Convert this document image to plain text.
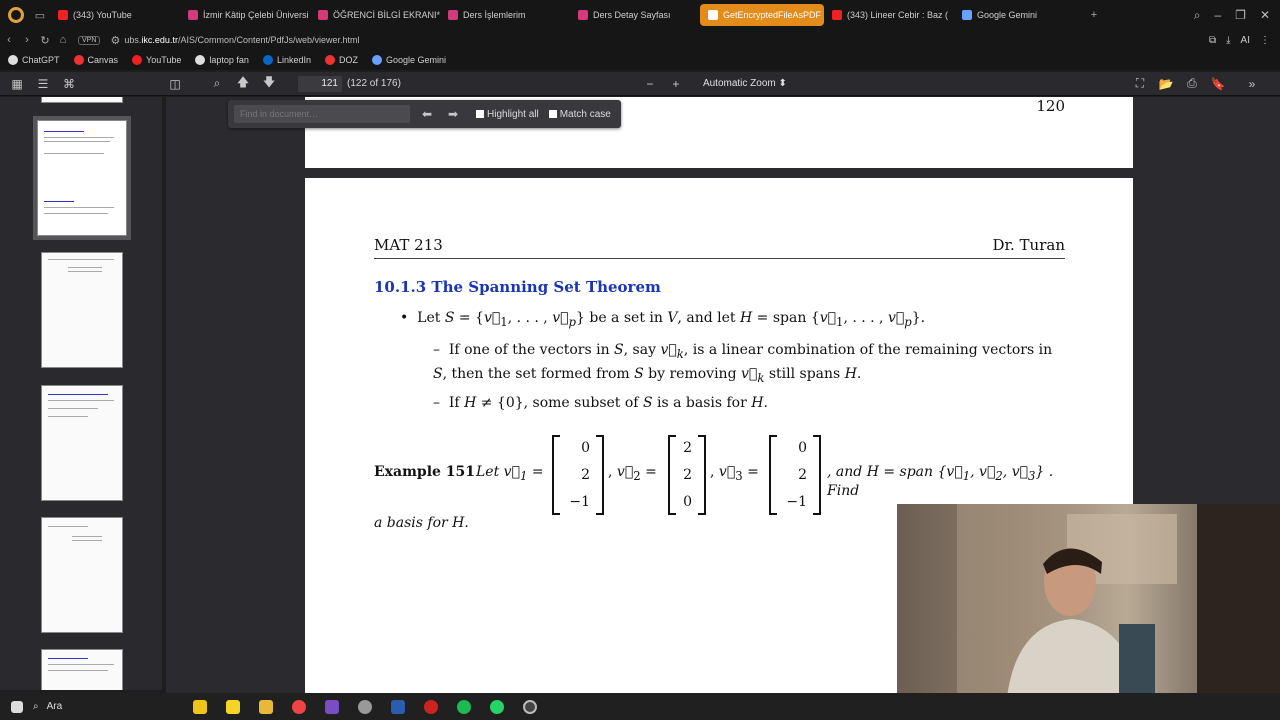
▭	(343) YouTube	İzmir Kâtip Çelebi Üniversi	ÖĞRENCİ BİLGİ EKRANI*	Ders İşlemlerim	Ders Detay Sayfası	GetEncryptedFileAsPDF	(343) Lineer Cebir : Baz (	Google Gemini	+	⌕ – ❐ ✕
‹	›	↻ ⌂	VPN	⚙ ubs.ikc.edu.tr/AIS/Common/Content/PdfJs/web/viewer.html	⧉ ⤓ AI ⋮
ChatGPT	Canvas	YouTube	laptop fan	LinkedIn	DOZ	Google Gemini
▦	☰	⌘	◫	⌕	🡅	🡇	121 (122 of 176)	−	+	Automatic Zoom ⬍	⛶	📂	⎙	🔖	»
Find in document…	⬅	➡	Highlight all Match case	120
MAT 213	Dr. Turan
10.1.3 The Spanning Set Theorem
•  Let $S = \{v⃗_1$, . . . , $v⃗_p$} be a set in V, and let H = span {$v⃗_1$, . . . , $v⃗_p$}.
–  If one of the vectors in S, say $v⃗_k$, is a linear combination of the remaining vectors in S, then the set formed from S by removing $v⃗_k$ still spans H.
–  If H ≠ {0}, some subset of S is a basis for H.
Example 151 Let $v⃗_1$ =	, $v⃗_2$ =	, $v⃗_3$ =	, and H = span {$v⃗_1$, $v⃗_2$, $v⃗_3$} . Find
0
2
−1
2
2
0
0
2
−1
a basis for H.
⌕ Ara
